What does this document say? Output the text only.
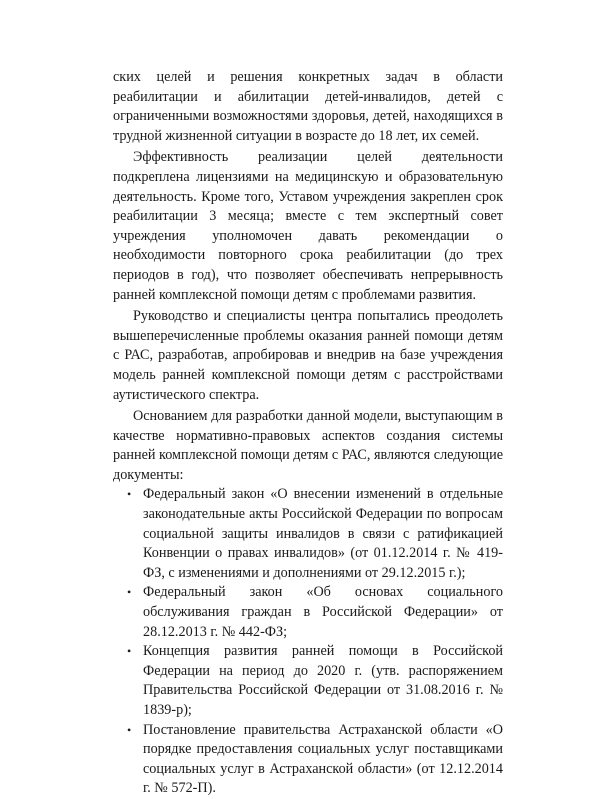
ских целей и решения конкретных задач в области реабилитации и абилитации детей-инвалидов, детей с ограниченными возможностями здоровья, детей, находящихся в трудной жизненной ситуации в возрасте до 18 лет, их семей.

Эффективность реализации целей деятельности подкреплена лицензиями на медицинскую и образовательную деятельность. Кроме того, Уставом учреждения закреплен срок реабилитации 3 месяца; вместе с тем экспертный совет учреждения уполномочен давать рекомендации о необходимости повторного срока реабилитации (до трех периодов в год), что позволяет обеспечивать непрерывность ранней комплексной помощи детям с проблемами развития.

Руководство и специалисты центра попытались преодолеть вышеперечисленные проблемы оказания ранней помощи детям с РАС, разработав, апробировав и внедрив на базе учреждения модель ранней комплексной помощи детям с расстройствами аутистического спектра.

Основанием для разработки данной модели, выступающим в качестве нормативно-правовых аспектов создания системы ранней комплексной помощи детям с РАС, являются следующие документы:

• Федеральный закон «О внесении изменений в отдельные законодательные акты Российской Федерации по вопросам социальной защиты инвалидов в связи с ратификацией Конвенции о правах инвалидов» (от 01.12.2014 г. № 419-ФЗ, с изменениями и дополнениями от 29.12.2015 г.);
• Федеральный закон «Об основах социального обслуживания граждан в Российской Федерации» от 28.12.2013 г. № 442-ФЗ;
• Концепция развития ранней помощи в Российской Федерации на период до 2020 г. (утв. распоряжением Правительства Российской Федерации от 31.08.2016 г. № 1839-р);
• Постановление правительства Астраханской области «О порядке предоставления социальных услуг поставщиками социальных услуг в Астраханской области» (от 12.12.2014 г. № 572-П).
